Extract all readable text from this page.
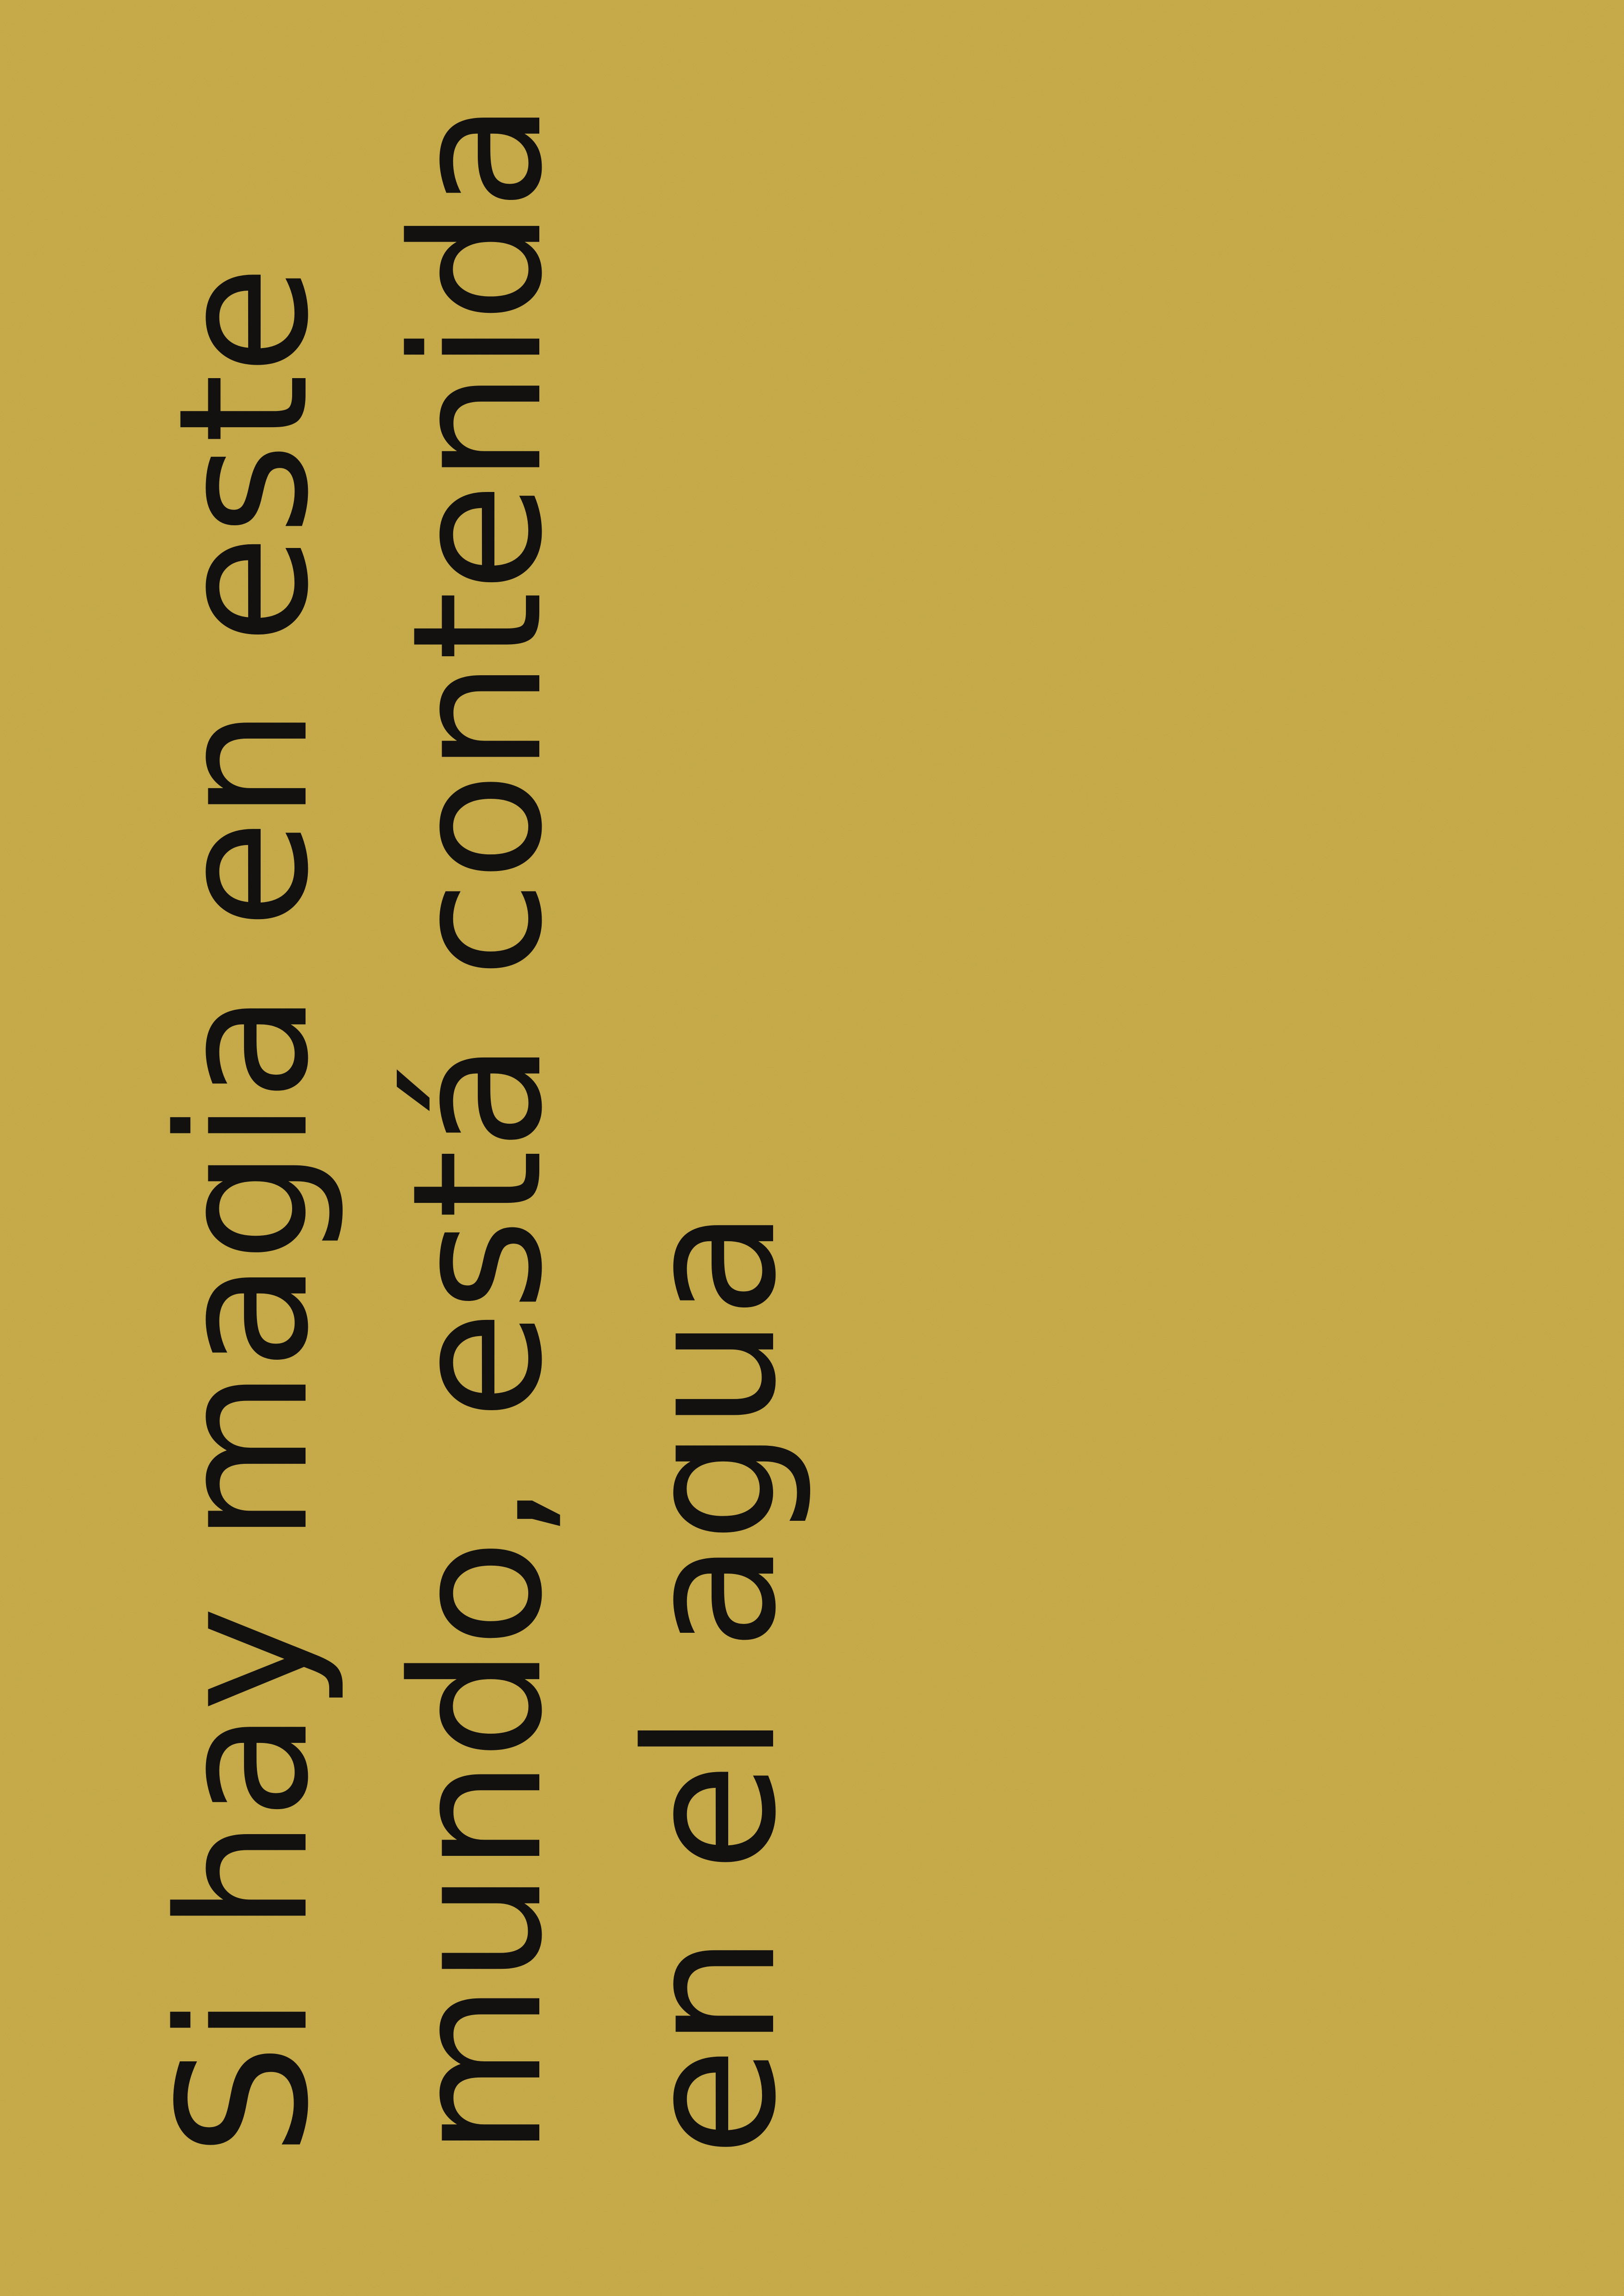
Si hay magia en este mundo, está contenida en el agua
